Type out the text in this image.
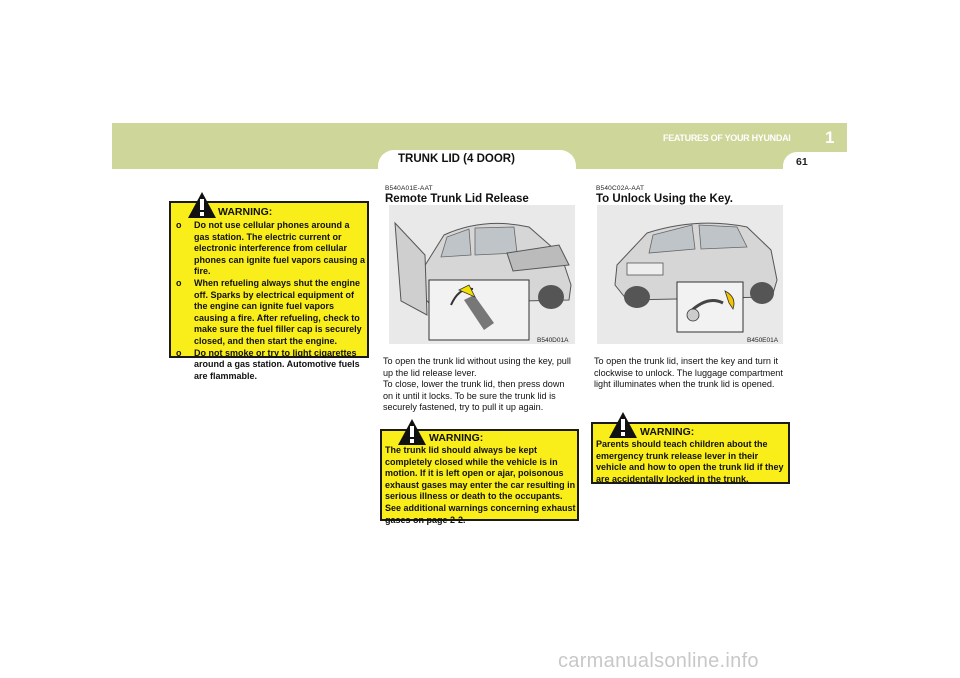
FEATURES OF YOUR HYUNDAI 1
61
TRUNK LID (4 DOOR)
WARNING:
o Do not use cellular phones around a gas station. The electric current or electronic interference from cellular phones can ignite fuel vapors causing a fire.
o When refueling always shut the engine off. Sparks by electrical equipment of the engine can ignite fuel vapors causing a fire. After refueling, check to make sure the fuel filler cap is securely closed, and then start the engine.
o Do not smoke or try to light cigarettes around a gas station. Automotive fuels are flammable.
B540A01E-AAT
Remote Trunk Lid Release
B540D01A
To open the trunk lid without using the key, pull up the lid release lever.
To close, lower the trunk lid, then press down on it until it locks. To be sure the trunk lid is securely fastened, try to pull it up again.
WARNING:

The trunk lid should always be kept completely closed while the vehicle is in motion. If it is left open or ajar, poisonous exhaust gases may enter the car resulting in serious illness or death to the occupants. See additional warnings concerning exhaust gases on page 2-2.

B540C02A-AAT
To Unlock Using the Key.
B450E01A

To open the trunk lid, insert the key and turn it clockwise to unlock. The luggage compartment light illuminates when the trunk lid is opened.

WARNING:

Parents should teach children about the emergency trunk release lever in their vehicle and how to open the trunk lid if they are accidentally locked in the trunk.

carmanualsonline.info
